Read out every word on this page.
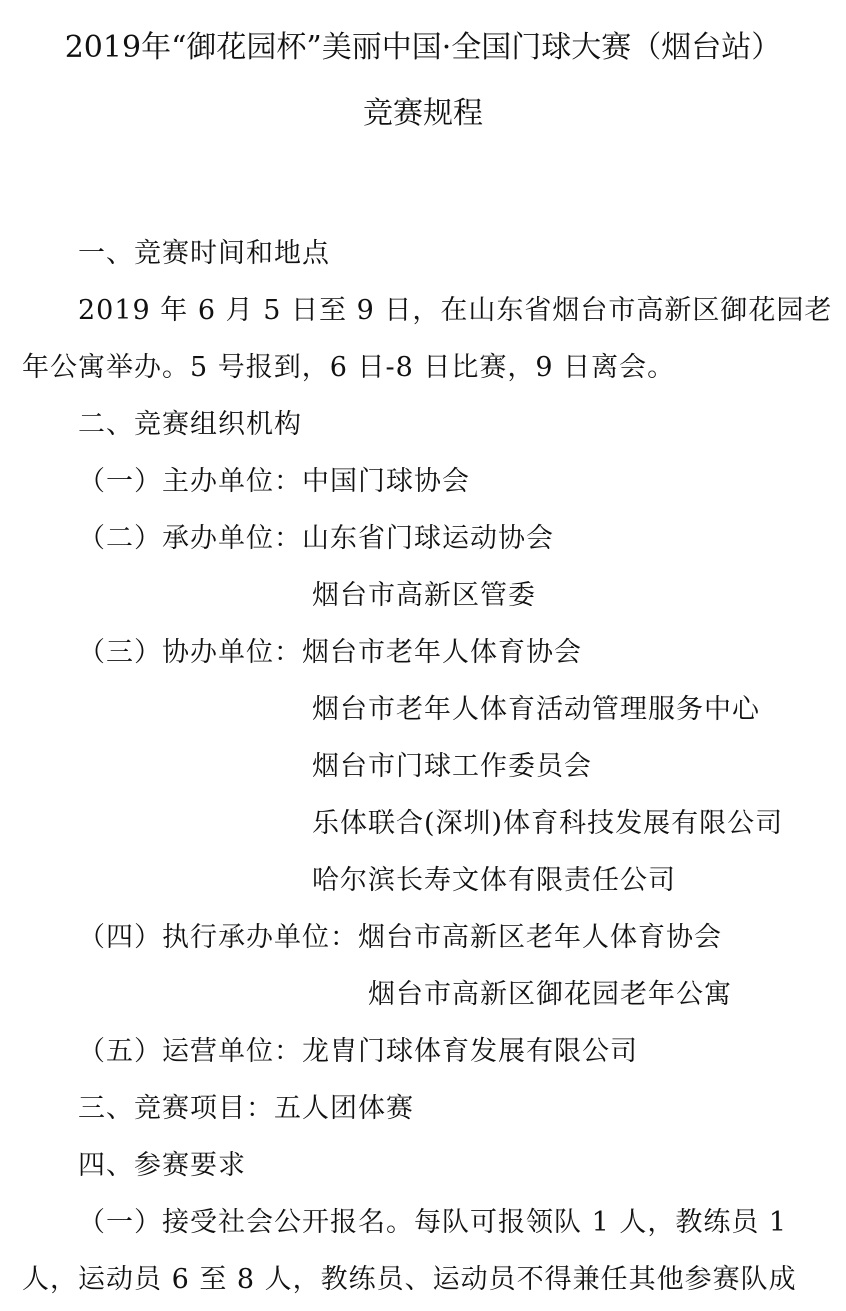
2019年“御花园杯”美丽中国·全国门球大赛（烟台站）
竞赛规程
一、竞赛时间和地点
2019 年 6 月 5 日至 9 日，在山东省烟台市高新区御花园老
年公寓举办。5 号报到，6 日-8 日比赛，9 日离会。
二、竞赛组织机构
（一）主办单位：中国门球协会
（二）承办单位：山东省门球运动协会
烟台市高新区管委
（三）协办单位：烟台市老年人体育协会
烟台市老年人体育活动管理服务中心
烟台市门球工作委员会
乐体联合(深圳)体育科技发展有限公司
哈尔滨长寿文体有限责任公司
（四）执行承办单位：烟台市高新区老年人体育协会
烟台市高新区御花园老年公寓
（五）运营单位：龙胄门球体育发展有限公司
三、竞赛项目：五人团体赛
四、参赛要求
（一）接受社会公开报名。每队可报领队 1 人，教练员 1
人，运动员 6 至 8 人，教练员、运动员不得兼任其他参赛队成
